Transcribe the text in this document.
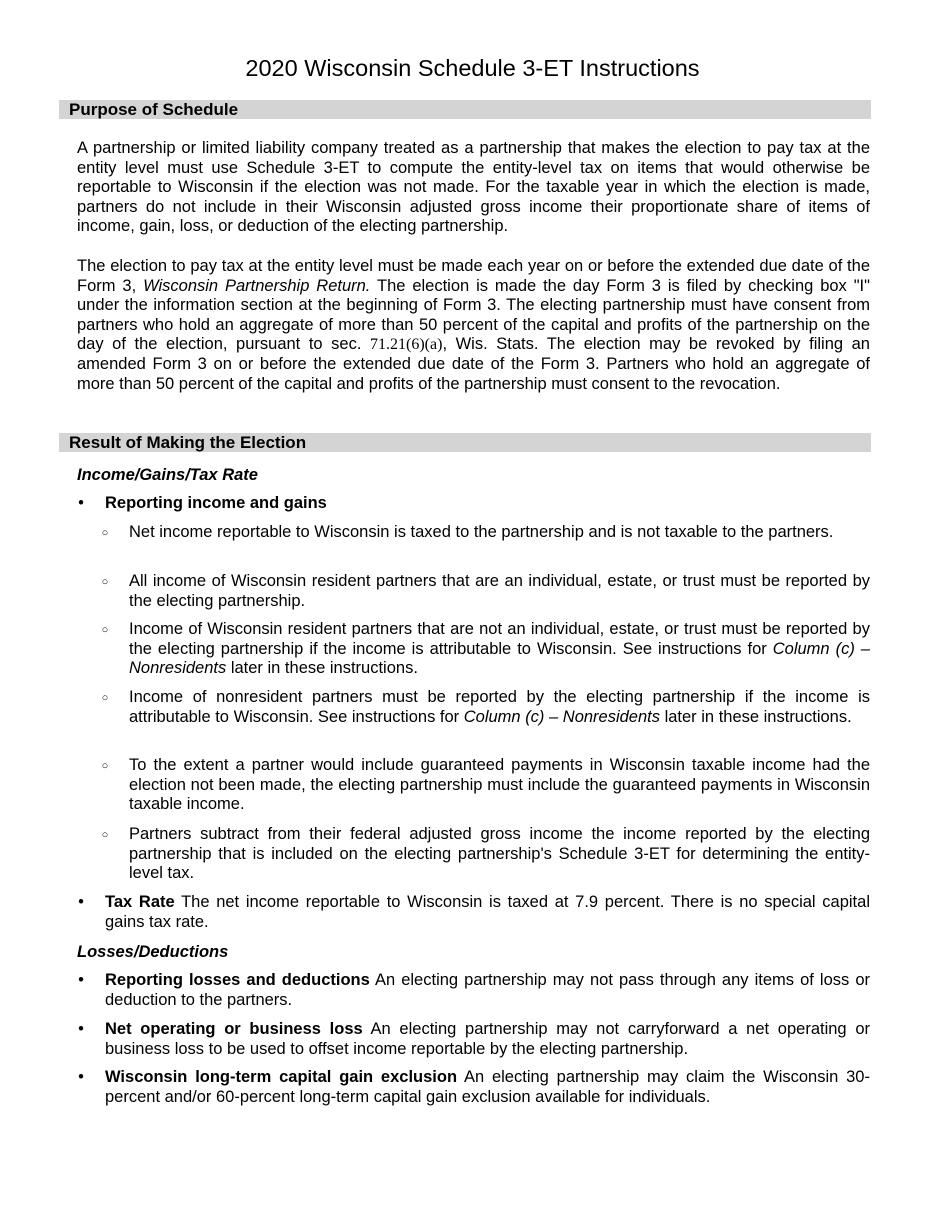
2020 Wisconsin Schedule 3-ET Instructions
Purpose of Schedule
A partnership or limited liability company treated as a partnership that makes the election to pay tax at the entity level must use Schedule 3-ET to compute the entity-level tax on items that would otherwise be reportable to Wisconsin if the election was not made. For the taxable year in which the election is made, partners do not include in their Wisconsin adjusted gross income their proportionate share of items of income, gain, loss, or deduction of the electing partnership.
The election to pay tax at the entity level must be made each year on or before the extended due date of the Form 3, Wisconsin Partnership Return. The election is made the day Form 3 is filed by checking box "I" under the information section at the beginning of Form 3. The electing partnership must have consent from partners who hold an aggregate of more than 50 percent of the capital and profits of the partnership on the day of the election, pursuant to sec. 71.21(6)(a), Wis. Stats. The election may be revoked by filing an amended Form 3 on or before the extended due date of the Form 3. Partners who hold an aggregate of more than 50 percent of the capital and profits of the partnership must consent to the revocation.
Result of Making the Election
Income/Gains/Tax Rate
• Reporting income and gains
○ Net income reportable to Wisconsin is taxed to the partnership and is not taxable to the partners.
○ All income of Wisconsin resident partners that are an individual, estate, or trust must be reported by the electing partnership.
○ Income of Wisconsin resident partners that are not an individual, estate, or trust must be reported by the electing partnership if the income is attributable to Wisconsin. See instructions for Column (c) – Nonresidents later in these instructions.
○ Income of nonresident partners must be reported by the electing partnership if the income is attributable to Wisconsin. See instructions for Column (c) – Nonresidents later in these instructions.
○ To the extent a partner would include guaranteed payments in Wisconsin taxable income had the election not been made, the electing partnership must include the guaranteed payments in Wisconsin taxable income.
○ Partners subtract from their federal adjusted gross income the income reported by the electing partnership that is included on the electing partnership's Schedule 3-ET for determining the entity-level tax.
• Tax Rate The net income reportable to Wisconsin is taxed at 7.9 percent. There is no special capital gains tax rate.
Losses/Deductions
• Reporting losses and deductions An electing partnership may not pass through any items of loss or deduction to the partners.
• Net operating or business loss An electing partnership may not carryforward a net operating or business loss to be used to offset income reportable by the electing partnership.
• Wisconsin long-term capital gain exclusion An electing partnership may claim the Wisconsin 30-percent and/or 60-percent long-term capital gain exclusion available for individuals.
